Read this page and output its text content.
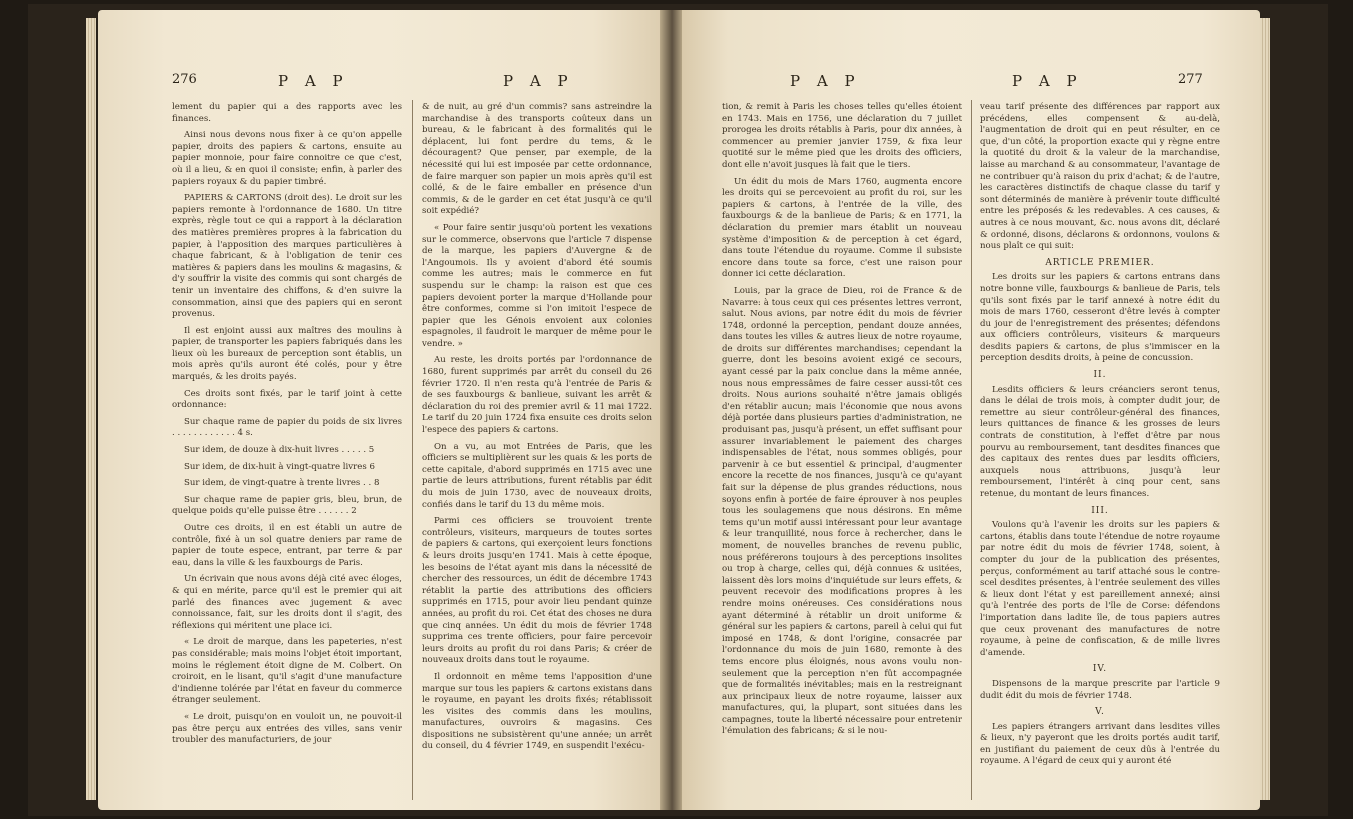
276	P A P	P A P

lement du papier qui a des rapports avec les finances.

Ainsi nous devons nous fixer à ce qu'on appelle papier, droits des papiers & cartons, ensuite au papier monnoie, pour faire connoitre ce que c'est, où il a lieu, & en quoi il consiste; enfin, à parler des papiers royaux & du papier timbré.

PAPIERS & CARTONS (droit des). Le droit sur les papiers remonte à l'ordonnance de 1680. Un titre exprès, règle tout ce qui a rapport à la déclaration des matières premières propres à la fabrication du papier, à l'apposition des marques particulières à chaque fabricant, & à l'obligation de tenir ces matières & papiers dans les moulins & magasins, & d'y souffrir la visite des commis qui sont chargés de tenir un inventaire des chiffons, & d'en suivre la consommation, ainsi que des papiers qui en seront provenus.

Il est enjoint aussi aux maîtres des moulins à papier, de transporter les papiers fabriqués dans les lieux où les bureaux de perception sont établis, un mois après qu'ils auront été colés, pour y être marqués, & les droits payés.

Ces droits sont fixés, par le tarif joint à cette ordonnance:

Sur chaque rame de papier du poids de six livres . . . . . . . . . . . . 4 s.

Sur idem, de douze à dix-huit livres . . . . . 5

Sur idem, de dix-huit à vingt-quatre livres 6

Sur idem, de vingt-quatre à trente livres . . 8

Sur chaque rame de papier gris, bleu, brun, de quelque poids qu'elle puisse être . . . . . . 2

Outre ces droits, il en est établi un autre de contrôle, fixé à un sol quatre deniers par rame de papier de toute espece, entrant, par terre & par eau, dans la ville & les fauxbourgs de Paris.

Un écrivain que nous avons déjà cité avec éloges, & qui en mérite, parce qu'il est le premier qui ait parlé des finances avec jugement & avec connoissance, fait, sur les droits dont il s'agit, des réflexions qui méritent une place ici.

« Le droit de marque, dans les papeteries, n'est pas considérable; mais moins l'objet étoit important, moins le réglement étoit digne de M. Colbert. On croiroit, en le lisant, qu'il s'agit d'une manufacture d'indienne tolérée par l'état en faveur du commerce étranger seulement.

« Le droit, puisqu'on en vouloit un, ne pouvoit-il pas être perçu aux entrées des villes, sans venir troubler des manufacturiers, de jour

& de nuit, au gré d'un commis? sans astreindre la marchandise à des transports coûteux dans un bureau, & le fabricant à des formalités qui le déplacent, lui font perdre du tems, & le découragent? Que penser, par exemple, de la nécessité qui lui est imposée par cette ordonnance, de faire marquer son papier un mois après qu'il est collé, & de le faire emballer en présence d'un commis, & de le garder en cet état jusqu'à ce qu'il soit expédié?

« Pour faire sentir jusqu'où portent les vexations sur le commerce, observons que l'article 7 dispense de la marque, les papiers d'Auvergne & de l'Angoumois. Ils y avoient d'abord été soumis comme les autres; mais le commerce en fut suspendu sur le champ: la raison est que ces papiers devoient porter la marque d'Hollande pour être conformes, comme si l'on imitoit l'espece de papier que les Génois envoient aux colonies espagnoles, il faudroit le marquer de même pour le vendre. »

Au reste, les droits portés par l'ordonnance de 1680, furent supprimés par arrêt du conseil du 26 février 1720. Il n'en resta qu'à l'entrée de Paris & de ses fauxbourgs & banlieue, suivant les arrêt & déclaration du roi des premier avril & 11 mai 1722. Le tarif du 20 juin 1724 fixa ensuite ces droits selon l'espece des papiers & cartons.

On a vu, au mot Entrées de Paris, que les officiers se multiplièrent sur les quais & les ports de cette capitale, d'abord supprimés en 1715 avec une partie de leurs attributions, furent rétablis par édit du mois de juin 1730, avec de nouveaux droits, confiés dans le tarif du 13 du même mois.

Parmi ces officiers se trouvoient trente contrôleurs, visiteurs, marqueurs de toutes sortes de papiers & cartons, qui exerçoient leurs fonctions & leurs droits jusqu'en 1741. Mais à cette époque, les besoins de l'état ayant mis dans la nécessité de chercher des ressources, un édit de décembre 1743 rétablit la partie des attributions des officiers supprimés en 1715, pour avoir lieu pendant quinze années, au profit du roi. Cet état des choses ne dura que cinq années. Un édit du mois de février 1748 supprima ces trente officiers, pour faire percevoir leurs droits au profit du roi dans Paris; & créer de nouveaux droits dans tout le royaume.

Il ordonnoit en même tems l'apposition d'une marque sur tous les papiers & cartons existans dans le royaume, en payant les droits fixés; rétablissoit les visites des commis dans les moulins, manufactures, ouvroirs & magasins. Ces dispositions ne subsistèrent qu'une année; un arrêt du conseil, du 4 février 1749, en suspendit l'exécu-

P A P	P A P	277

tion, & remit à Paris les choses telles qu'elles étoient en 1743. Mais en 1756, une déclaration du 7 juillet prorogea les droits rétablis à Paris, pour dix années, à commencer au premier janvier 1759, & fixa leur quotité sur le même pied que les droits des officiers, dont elle n'avoit jusques là fait que le tiers.

Un édit du mois de Mars 1760, augmenta encore les droits qui se percevoient au profit du roi, sur les papiers & cartons, à l'entrée de la ville, des fauxbourgs & de la banlieue de Paris; & en 1771, la déclaration du premier mars établit un nouveau système d'imposition & de perception à cet égard, dans toute l'étendue du royaume. Comme il subsiste encore dans toute sa force, c'est une raison pour donner ici cette déclaration.

Louis, par la grace de Dieu, roi de France & de Navarre: à tous ceux qui ces présentes lettres verront, salut. Nous avions, par notre édit du mois de février 1748, ordonné la perception, pendant douze années, dans toutes les villes & autres lieux de notre royaume, de droits sur différentes marchandises; cependant la guerre, dont les besoins avoient exigé ce secours, ayant cessé par la paix conclue dans la même année, nous nous empressâmes de faire cesser aussi-tôt ces droits. Nous aurions souhaité n'être jamais obligés d'en rétablir aucun; mais l'économie que nous avons déjà portée dans plusieurs parties d'administration, ne produisant pas, jusqu'à présent, un effet suffisant pour assurer invariablement le paiement des charges indispensables de l'état, nous sommes obligés, pour parvenir à ce but essentiel & principal, d'augmenter encore la recette de nos finances, jusqu'à ce qu'ayant fait sur la dépense de plus grandes réductions, nous soyons enfin à portée de faire éprouver à nos peuples tous les soulagemens que nous désirons. En même tems qu'un motif aussi intéressant pour leur avantage & leur tranquillité, nous force à rechercher, dans le moment, de nouvelles branches de revenu public, nous préférerons toujours à des perceptions insolites ou trop à charge, celles qui, déjà connues & usitées, laissent dès lors moins d'inquiétude sur leurs effets, & peuvent recevoir des modifications propres à les rendre moins onéreuses. Ces considérations nous ayant déterminé à rétablir un droit uniforme & général sur les papiers & cartons, pareil à celui qui fut imposé en 1748, & dont l'origine, consacrée par l'ordonnance du mois de juin 1680, remonte à des tems encore plus éloignés, nous avons voulu non-seulement que la perception n'en fût accompagnée que de formalités inévitables; mais en la restreignant aux principaux lieux de notre royaume, laisser aux manufactures, qui, la plupart, sont situées dans les campagnes, toute la liberté nécessaire pour entretenir l'émulation des fabricans; & si le nou-

veau tarif présente des différences par rapport aux précédens, elles compensent & au-delà, l'augmentation de droit qui en peut résulter, en ce que, d'un côté, la proportion exacte qui y règne entre la quotité du droit & la valeur de la marchandise, laisse au marchand & au consommateur, l'avantage de ne contribuer qu'à raison du prix d'achat; & de l'autre, les caractères distinctifs de chaque classe du tarif y sont déterminés de manière à prévenir toute difficulté entre les préposés & les redevables. A ces causes, & autres à ce nous mouvant, &c. nous avons dit, déclaré & ordonné, disons, déclarons & ordonnons, voulons & nous plaît ce qui suit:

ARTICLE PREMIER.

Les droits sur les papiers & cartons entrans dans notre bonne ville, fauxbourgs & banlieue de Paris, tels qu'ils sont fixés par le tarif annexé à notre édit du mois de mars 1760, cesseront d'être levés à compter du jour de l'enregistrement des présentes; défendons aux officiers contrôleurs, visiteurs & marqueurs desdits papiers & cartons, de plus s'immiscer en la perception desdits droits, à peine de concussion.

II.

Lesdits officiers & leurs créanciers seront tenus, dans le délai de trois mois, à compter dudit jour, de remettre au sieur contrôleur-général des finances, leurs quittances de finance & les grosses de leurs contrats de constitution, à l'effet d'être par nous pourvu au remboursement, tant desdites finances que des capitaux des rentes dues par lesdits officiers, auxquels nous attribuons, jusqu'à leur remboursement, l'intérêt à cinq pour cent, sans retenue, du montant de leurs finances.

III.

Voulons qu'à l'avenir les droits sur les papiers & cartons, établis dans toute l'étendue de notre royaume par notre édit du mois de février 1748, soient, à compter du jour de la publication des présentes, perçus, conformément au tarif attaché sous le contre-scel desdites présentes, à l'entrée seulement des villes & lieux dont l'état y est pareillement annexé; ainsi qu'à l'entrée des ports de l'île de Corse: défendons l'importation dans ladite île, de tous papiers autres que ceux provenant des manufactures de notre royaume, à peine de confiscation, & de mille livres d'amende.

IV.

Dispensons de la marque prescrite par l'article 9 dudit édit du mois de février 1748.

V.

Les papiers étrangers arrivant dans lesdites villes & lieux, n'y payeront que les droits portés audit tarif, en justifiant du paiement de ceux dûs à l'entrée du royaume. A l'égard de ceux qui y auront été
